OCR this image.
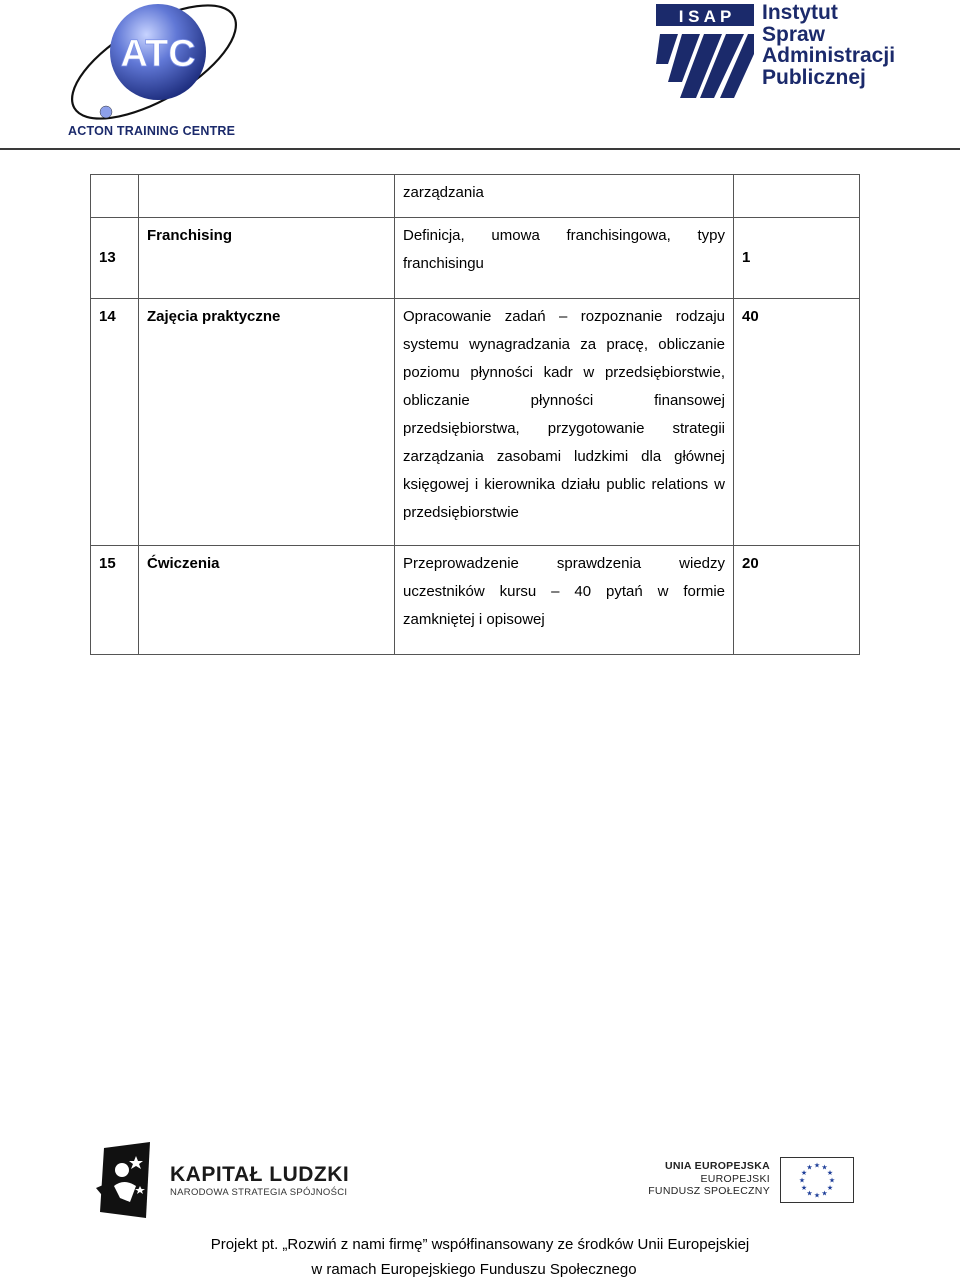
ATC
ACTON TRAINING CENTRE
I S A P Instytut
Spraw
Administracji
Publicznej
		zarządzania	
13	Franchising	Definicja, umowa franchisingowa, typy franchisingu	1
14	Zajęcia praktyczne	Opracowanie zadań – rozpoznanie rodzaju systemu wynagradzania za pracę, obliczanie poziomu płynności kadr w przedsiębiorstwie, obliczanie płynności finansowej przedsiębiorstwa, przygotowanie strategii zarządzania zasobami ludzkimi dla głównej księgowej i kierownika działu public relations w przedsiębiorstwie	40
15	Ćwiczenia	Przeprowadzenie sprawdzenia wiedzy uczestników kursu – 40 pytań w formie zamkniętej i opisowej	20
KAPITAŁ LUDZKI
NARODOWA STRATEGIA SPÓJNOŚCI
UNIA EUROPEJSKA
EUROPEJSKI
FUNDUSZ SPOŁECZNY
★ ★
★
★
★
★
★
★
★
★
★
★
Projekt pt. „Rozwiń z nami firmę” współfinansowany ze środków Unii Europejskiej
w ramach Europejskiego Funduszu Społecznego
